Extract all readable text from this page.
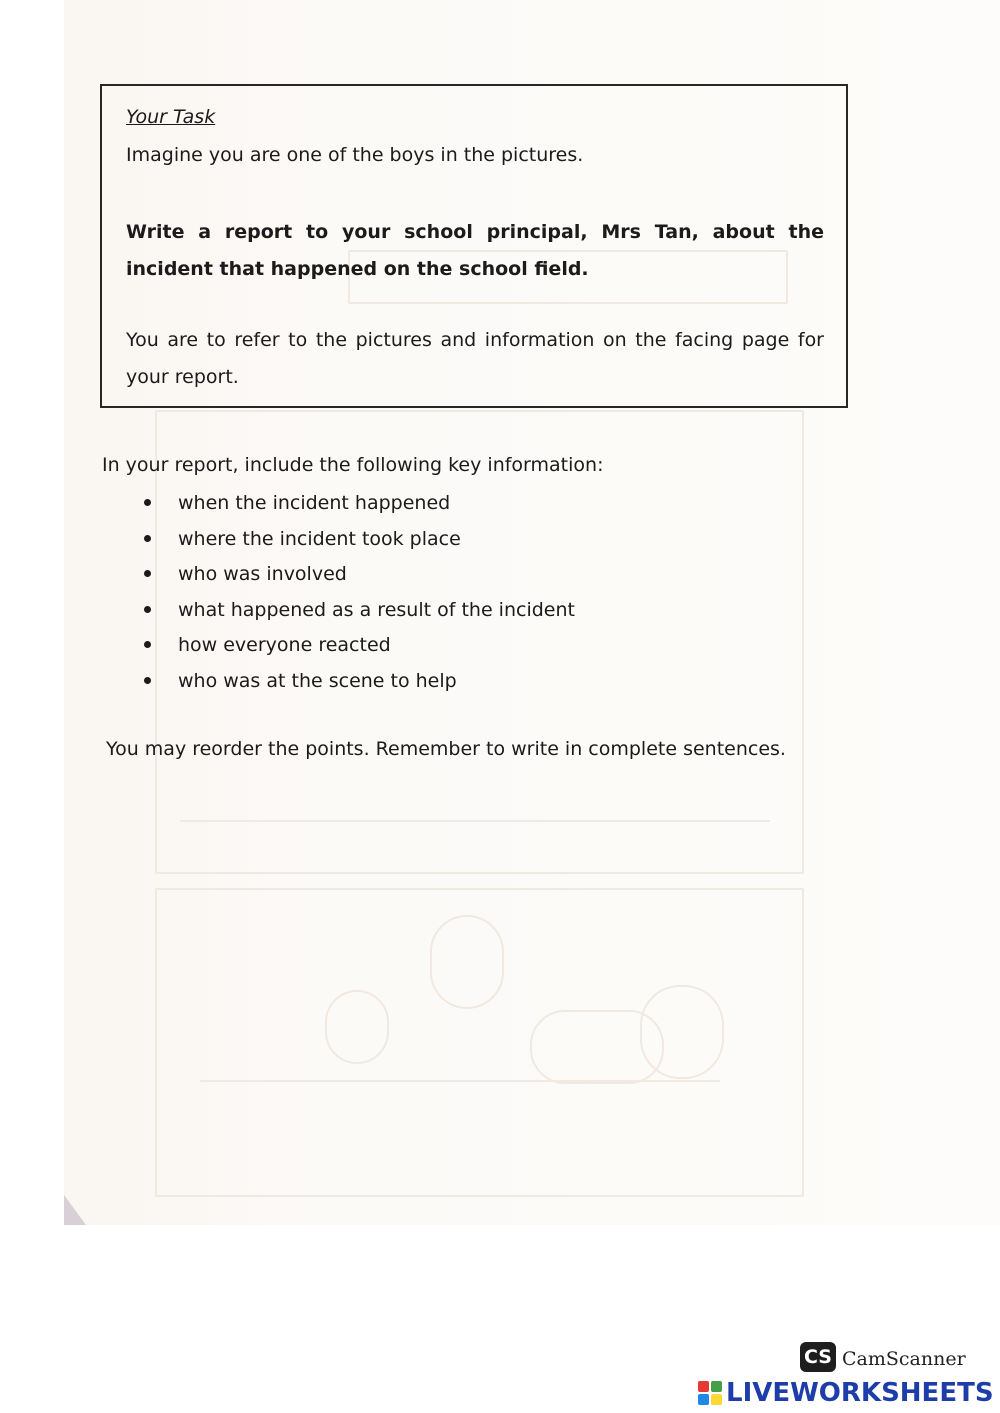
Your Task
Imagine you are one of the boys in the pictures.
Write a report to your school principal, Mrs Tan, about the incident that happened on the school field.
You are to refer to the pictures and information on the facing page for your report.
In your report, include the following key information:
when the incident happened
where the incident took place
who was involved
what happened as a result of the incident
how everyone reacted
who was at the scene to help
You may reorder the points. Remember to write in complete sentences.
CS CamScanner
LIVEWORKSHEETS
